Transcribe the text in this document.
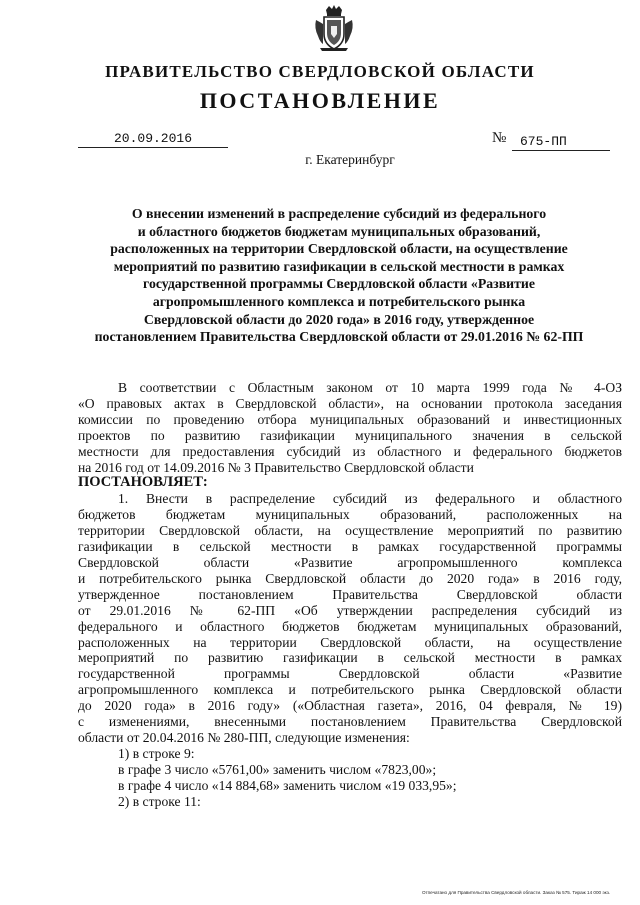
ПРАВИТЕЛЬСТВО СВЕРДЛОВСКОЙ ОБЛАСТИ
ПОСТАНОВЛЕНИЕ
20.09.2016	№	675-ПП
г. Екатеринбург
О внесении изменений в распределение субсидий из федерального
и областного бюджетов бюджетам муниципальных образований,
расположенных на территории Свердловской области, на осуществление
мероприятий по развитию газификации в сельской местности в рамках
государственной программы Свердловской области «Развитие
агропромышленного комплекса и потребительского рынка
Свердловской области до 2020 года» в 2016 году, утвержденное
постановлением Правительства Свердловской области от 29.01.2016 № 62-ПП
В соответствии с Областным законом от 10 марта 1999 года № 4-ОЗ
«О правовых актах в Свердловской области», на основании протокола заседания
комиссии по проведению отбора муниципальных образований и инвестиционных
проектов по развитию газификации муниципального значения в сельской
местности для предоставления субсидий из областного и федерального бюджетов
на 2016 год от 14.09.2016 № 3 Правительство Свердловской области
ПОСТАНОВЛЯЕТ:
1. Внести в распределение субсидий из федерального и областного
бюджетов бюджетам муниципальных образований, расположенных на
территории Свердловской области, на осуществление мероприятий по развитию
газификации в сельской местности в рамках государственной программы
Свердловской области «Развитие агропромышленного комплекса
и потребительского рынка Свердловской области до 2020 года» в 2016 году,
утвержденное постановлением Правительства Свердловской области
от 29.01.2016 № 62-ПП «Об утверждении распределения субсидий из
федерального и областного бюджетов бюджетам муниципальных образований,
расположенных на территории Свердловской области, на осуществление
мероприятий по развитию газификации в сельской местности в рамках
государственной программы Свердловской области «Развитие
агропромышленного комплекса и потребительского рынка Свердловской области
до 2020 года» в 2016 году» («Областная газета», 2016, 04 февраля, № 19)
с изменениями, внесенными постановлением Правительства Свердловской
области от 20.04.2016 № 280-ПП, следующие изменения:
1) в строке 9:
в графе 3 число «5761,00» заменить числом «7823,00»;
в графе 4 число «14 884,68» заменить числом «19 033,95»;
2) в строке 11:
Отпечатано для Правительства Свердловской области. Заказ № 575. Тираж 14 000 экз.
